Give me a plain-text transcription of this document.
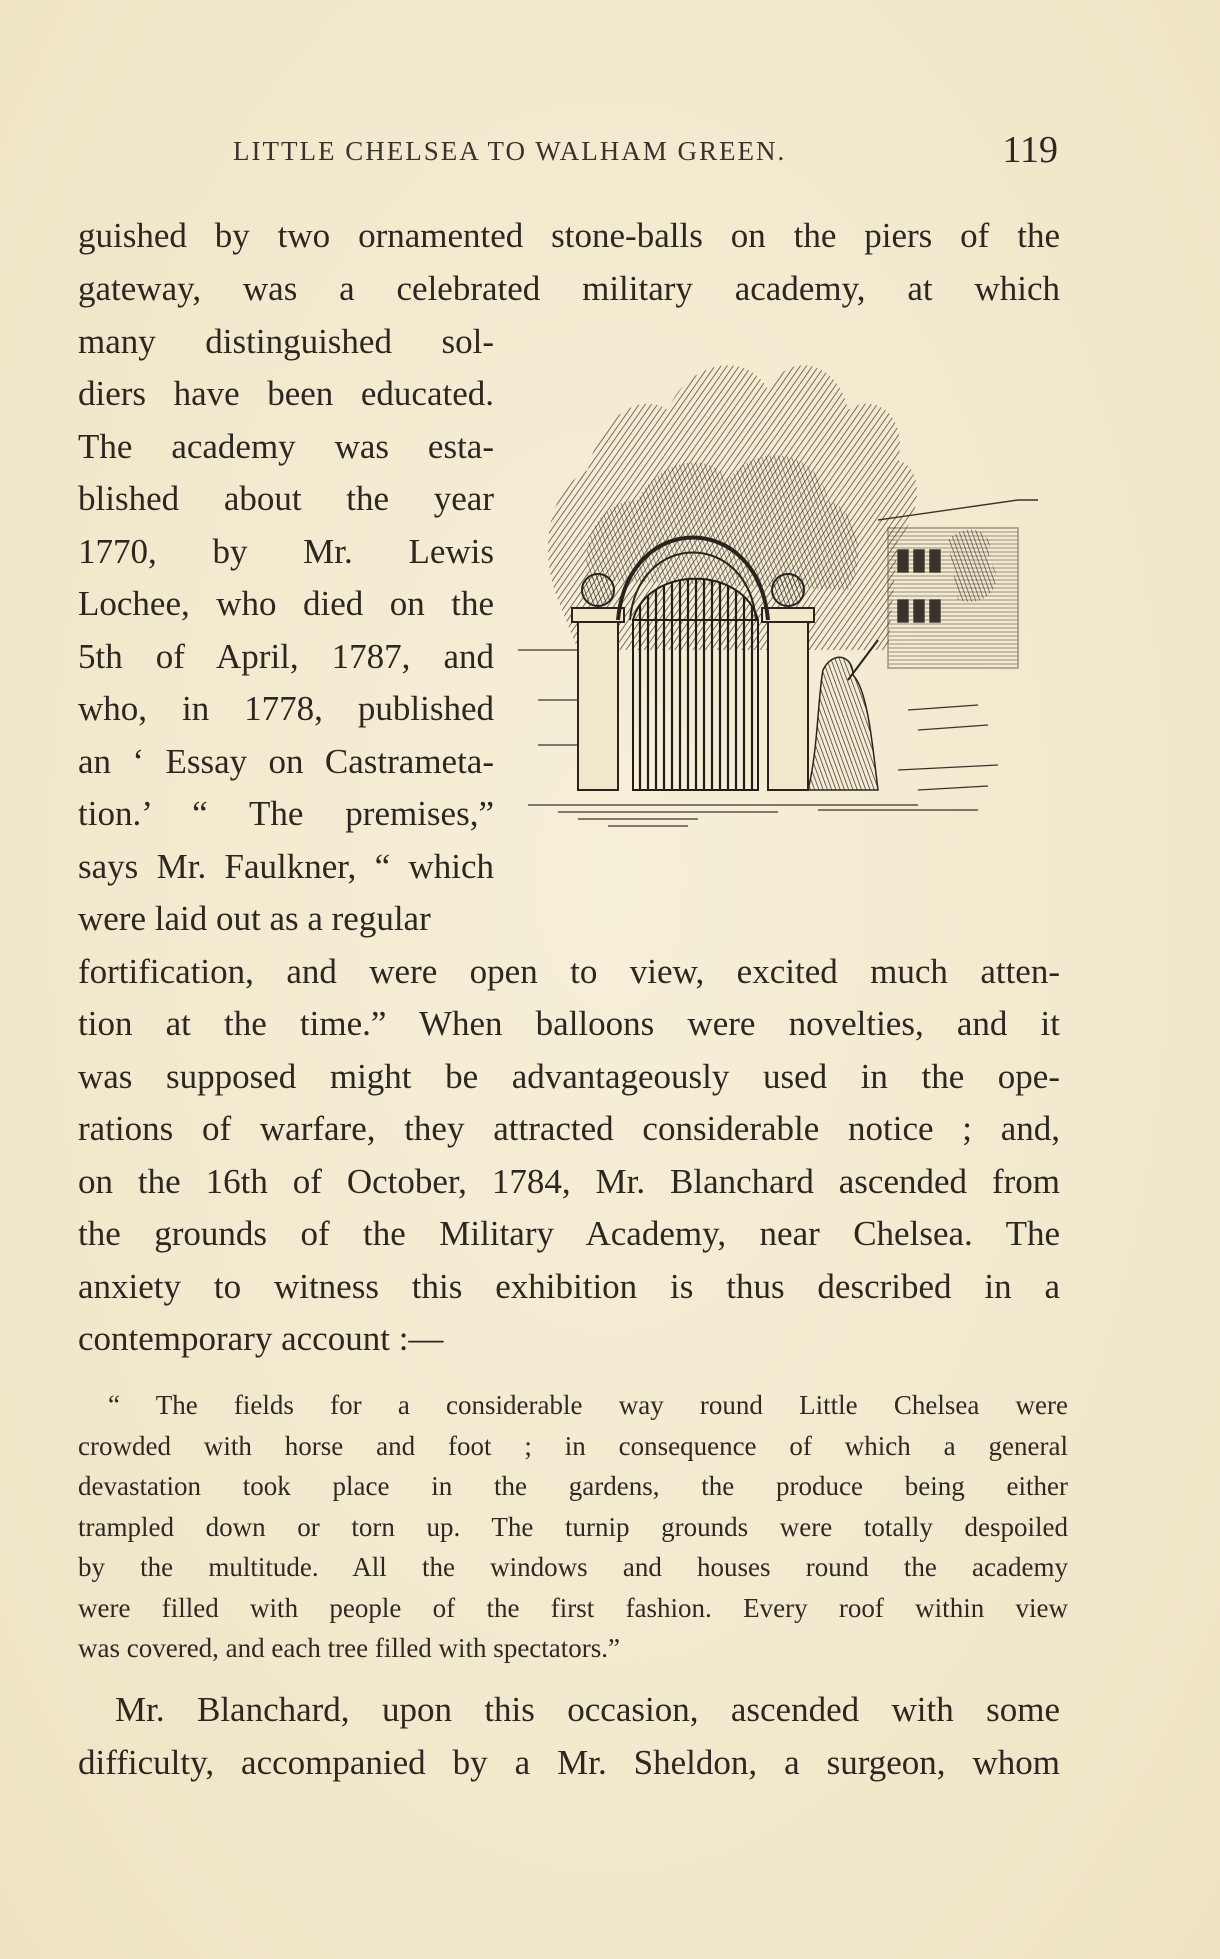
LITTLE CHELSEA TO WALHAM GREEN.	119
guished by two ornamented stone-balls on the piers of the
gateway, was a celebrated military academy, at which
many distinguished sol-
diers have been educated.
The academy was esta-
blished about the year
1770, by Mr. Lewis
Lochee, who died on the
5th of April, 1787, and
who, in 1778, published
an ‘ Essay on Castrameta-
tion.’ “ The premises,”
says Mr. Faulkner, “ which
were laid out as a regular
fortification, and were open to view, excited much atten-
tion at the time.” When balloons were novelties, and it
was supposed might be advantageously used in the ope-
rations of warfare, they attracted considerable notice ; and,
on the 16th of October, 1784, Mr. Blanchard ascended from
the grounds of the Military Academy, near Chelsea. The
anxiety to witness this exhibition is thus described in a
contemporary account :—
“ The fields for a considerable way round Little Chelsea were
crowded with horse and foot ; in consequence of which a general
devastation took place in the gardens, the produce being either
trampled down or torn up. The turnip grounds were totally despoiled
by the multitude. All the windows and houses round the academy
were filled with people of the first fashion. Every roof within view
was covered, and each tree filled with spectators.”
Mr. Blanchard, upon this occasion, ascended with some
difficulty, accompanied by a Mr. Sheldon, a surgeon, whom
